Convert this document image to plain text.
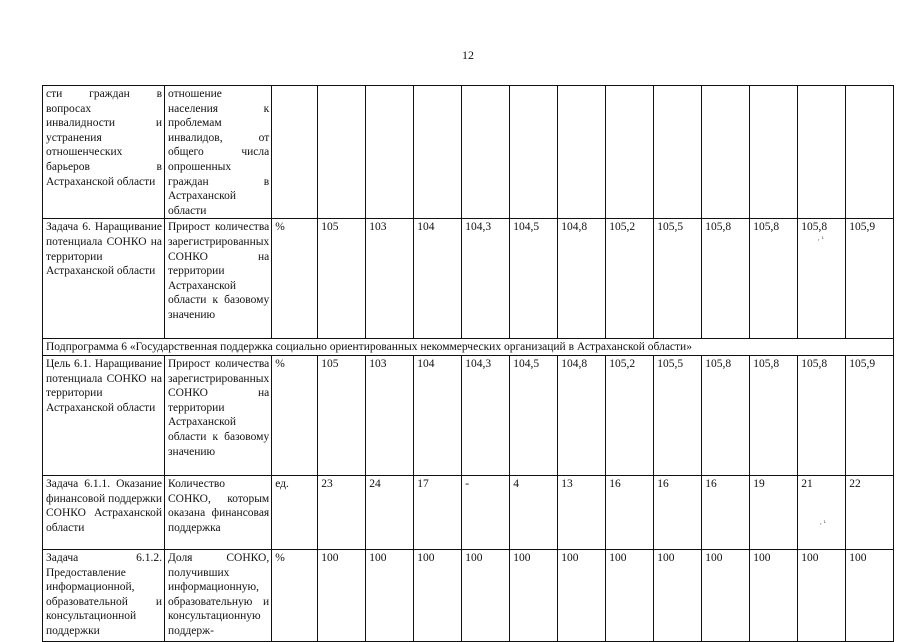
12
сти граждан в вопросах инвалидности и устранения отношенческих барьеров в Астраханской области	отношение населения к проблемам инвалидов, от общего числа опрошенных граждан в Астраханской области													
Задача 6. Наращивание потенциала СОНКО на территории Астраханской области	Прирост количества зарегистрированных СОНКО на территории Астраханской области к базовому значению	%	105	103	104	104,3	104,5	104,8	105,2	105,5	105,8	105,8	105,8	105,9
Подпрограмма 6 «Государственная поддержка социально ориентированных некоммерческих организаций в Астраханской области»														
Цель 6.1. Наращивание потенциала СОНКО на территории Астраханской области	Прирост количества зарегистрированных СОНКО на территории Астраханской области к базовому значению	%	105	103	104	104,3	104,5	104,8	105,2	105,5	105,8	105,8	105,8	105,9
Задача 6.1.1. Оказание финансовой поддержки СОНКО Астраханской области	Количество СОНКО, которым оказана финансовая поддержка	ед.	23	24	17	-	4	13	16	16	16	19	21	22
Задача 6.1.2. Предоставление информационной, образовательной и консультационной поддержки	Доля СОНКО, получивших информационную, образовательную и консультационную поддерж-	%	100	100	100	100	100	100	100	100	100	100	100	100
ᵣ ¹
ᵣ ¹
